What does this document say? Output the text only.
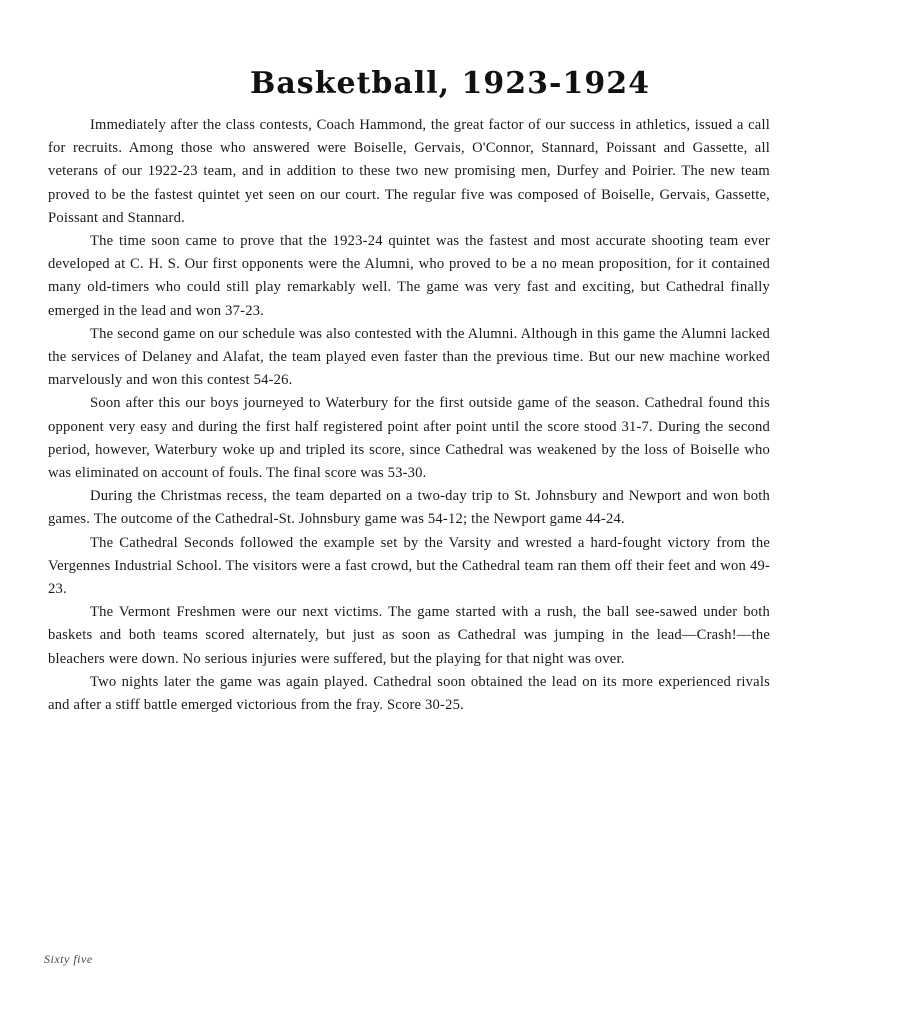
Basketball, 1923-1924

Immediately after the class contests, Coach Hammond, the great factor of our success in athletics, issued a call for recruits. Among those who answered were Boiselle, Gervais, O'Connor, Stannard, Poissant and Gassette, all veterans of our 1922-23 team, and in addition to these two new promising men, Durfey and Poirier. The new team proved to be the fastest quintet yet seen on our court. The regular five was composed of Boiselle, Gervais, Gassette, Poissant and Stannard.

The time soon came to prove that the 1923-24 quintet was the fastest and most accurate shooting team ever developed at C. H. S. Our first opponents were the Alumni, who proved to be a no mean proposition, for it contained many old-timers who could still play remarkably well. The game was very fast and exciting, but Cathedral finally emerged in the lead and won 37-23.

The second game on our schedule was also contested with the Alumni. Although in this game the Alumni lacked the services of Delaney and Alafat, the team played even faster than the previous time. But our new machine worked marvelously and won this contest 54-26.

Soon after this our boys journeyed to Waterbury for the first outside game of the season. Cathedral found this opponent very easy and during the first half registered point after point until the score stood 31-7. During the second period, however, Waterbury woke up and tripled its score, since Cathedral was weakened by the loss of Boiselle who was eliminated on account of fouls. The final score was 53-30.

During the Christmas recess, the team departed on a two-day trip to St. Johnsbury and Newport and won both games. The outcome of the Cathedral-St. Johnsbury game was 54-12; the Newport game 44-24.

The Cathedral Seconds followed the example set by the Varsity and wrested a hard-fought victory from the Vergennes Industrial School. The visitors were a fast crowd, but the Cathedral team ran them off their feet and won 49-23.

The Vermont Freshmen were our next victims. The game started with a rush, the ball see-sawed under both baskets and both teams scored alternately, but just as soon as Cathedral was jumping in the lead—Crash!—the bleachers were down. No serious injuries were suffered, but the playing for that night was over.

Two nights later the game was again played. Cathedral soon obtained the lead on its more experienced rivals and after a stiff battle emerged victorious from the fray. Score 30-25.

Sixty five
